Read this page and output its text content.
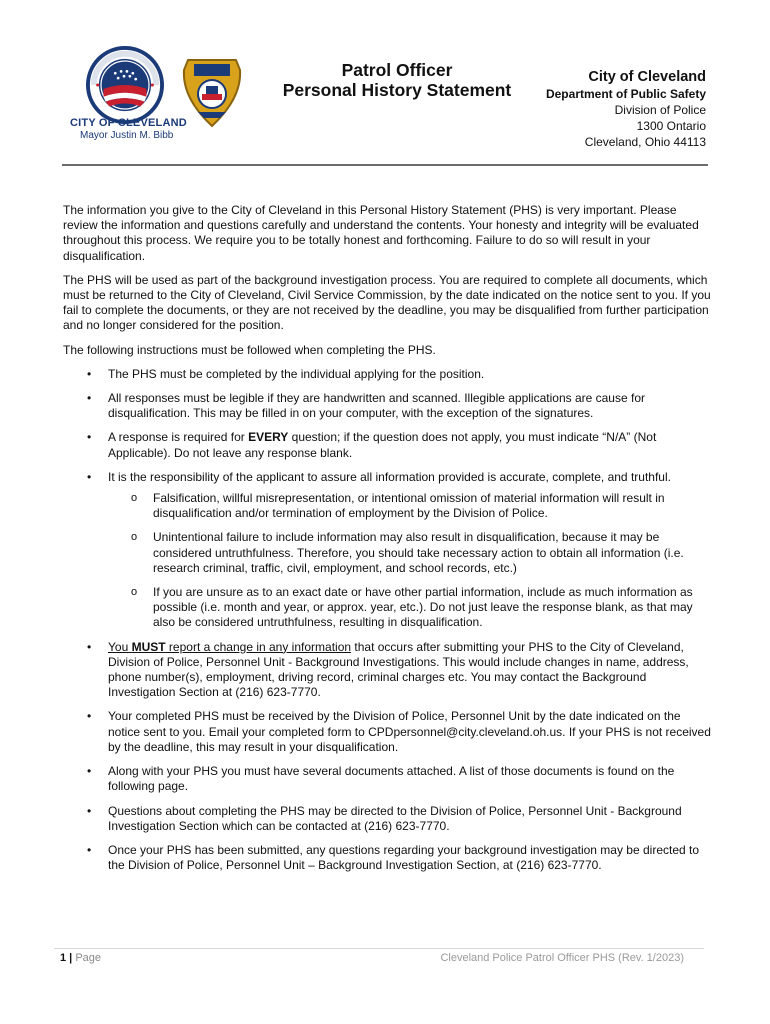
CITY OF CLEVELAND
Mayor Justin M. Bibb
Patrol Officer
Personal History Statement
City of Cleveland
Department of Public Safety
Division of Police
1300 Ontario
Cleveland, Ohio 44113

The information you give to the City of Cleveland in this Personal History Statement (PHS) is very important. Please review the information and questions carefully and understand the contents. Your honesty and integrity will be evaluated throughout this process. We require you to be totally honest and forthcoming. Failure to do so will result in your disqualification.

The PHS will be used as part of the background investigation process. You are required to complete all documents, which must be returned to the City of Cleveland, Civil Service Commission, by the date indicated on the notice sent to you. If you fail to complete the documents, or they are not received by the deadline, you may be disqualified from further participation and no longer considered for the position.

The following instructions must be followed when completing the PHS.

• The PHS must be completed by the individual applying for the position.
• All responses must be legible if they are handwritten and scanned. Illegible applications are cause for disqualification. This may be filled in on your computer, with the exception of the signatures.
• A response is required for EVERY question; if the question does not apply, you must indicate “N/A” (Not Applicable). Do not leave any response blank.
• It is the responsibility of the applicant to assure all information provided is accurate, complete, and truthful.
o Falsification, willful misrepresentation, or intentional omission of material information will result in disqualification and/or termination of employment by the Division of Police.
o Unintentional failure to include information may also result in disqualification, because it may be considered untruthfulness. Therefore, you should take necessary action to obtain all information (i.e. research criminal, traffic, civil, employment, and school records, etc.)
o If you are unsure as to an exact date or have other partial information, include as much information as possible (i.e. month and year, or approx. year, etc.). Do not just leave the response blank, as that may also be considered untruthfulness, resulting in disqualification.
• You MUST report a change in any information that occurs after submitting your PHS to the City of Cleveland, Division of Police, Personnel Unit - Background Investigations. This would include changes in name, address, phone number(s), employment, driving record, criminal charges etc. You may contact the Background Investigation Section at (216) 623-7770.
• Your completed PHS must be received by the Division of Police, Personnel Unit by the date indicated on the notice sent to you. Email your completed form to CPDpersonnel@city.cleveland.oh.us. If your PHS is not received by the deadline, this may result in your disqualification.
• Along with your PHS you must have several documents attached. A list of those documents is found on the following page.
• Questions about completing the PHS may be directed to the Division of Police, Personnel Unit - Background Investigation Section which can be contacted at (216) 623-7770.
• Once your PHS has been submitted, any questions regarding your background investigation may be directed to the Division of Police, Personnel Unit – Background Investigation Section, at (216) 623-7770.
1 | Page	Cleveland Police Patrol Officer PHS (Rev. 1/2023)
